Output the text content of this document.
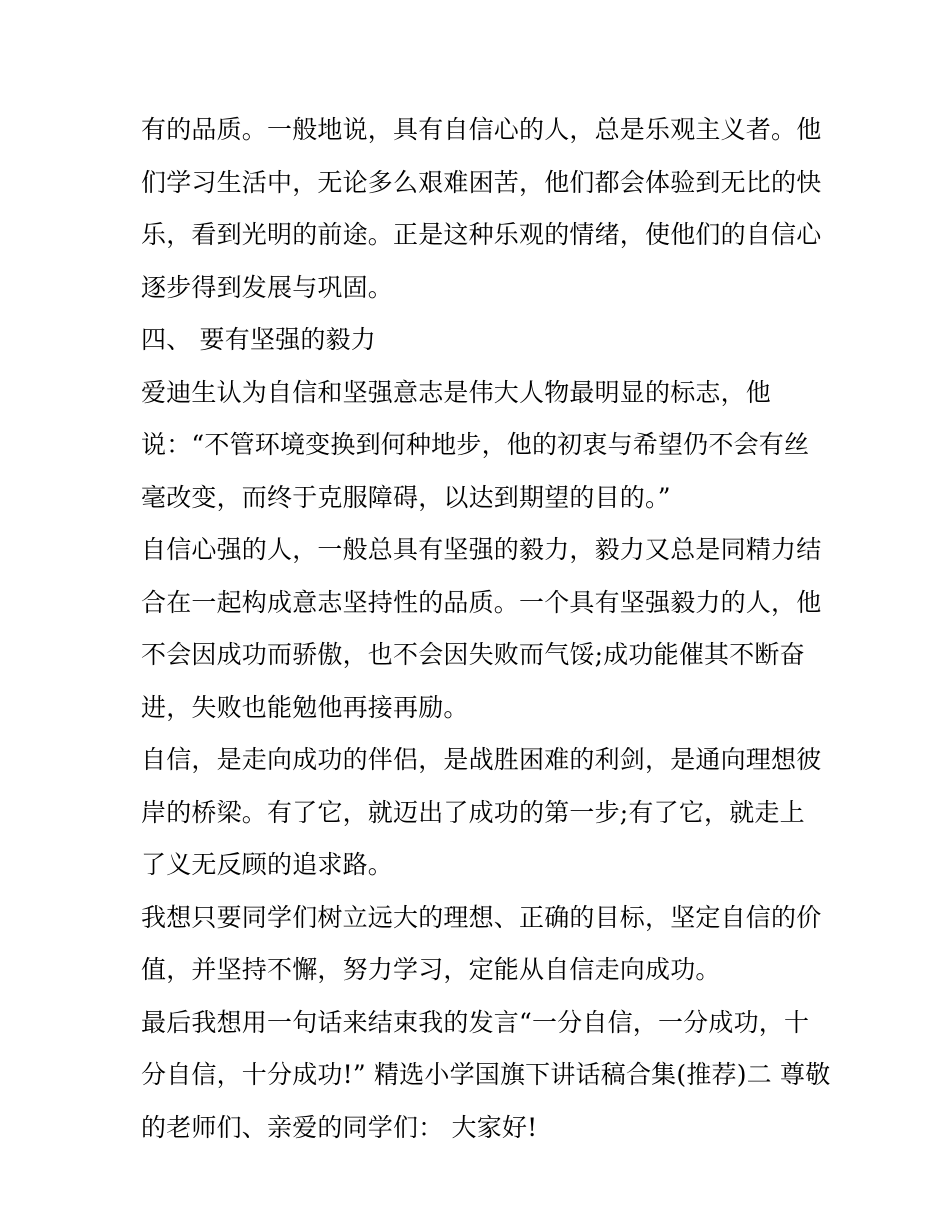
有的品质。一般地说，具有自信心的人，总是乐观主义者。他
们学习生活中，无论多么艰难困苦，他们都会体验到无比的快
乐，看到光明的前途。正是这种乐观的情绪，使他们的自信心
逐步得到发展与巩固。
四、 要有坚强的毅力
爱迪生认为自信和坚强意志是伟大人物最明显的标志，他
说：“不管环境变换到何种地步，他的初衷与希望仍不会有丝
毫改变，而终于克服障碍，以达到期望的目的。”
自信心强的人，一般总具有坚强的毅力，毅力又总是同精力结
合在一起构成意志坚持性的品质。一个具有坚强毅力的人，他
不会因成功而骄傲，也不会因失败而气馁;成功能催其不断奋
进，失败也能勉他再接再励。
自信，是走向成功的伴侣，是战胜困难的利剑，是通向理想彼
岸的桥梁。有了它，就迈出了成功的第一步;有了它，就走上
了义无反顾的追求路。
我想只要同学们树立远大的理想、正确的目标，坚定自信的价
值，并坚持不懈，努力学习，定能从自信走向成功。
最后我想用一句话来结束我的发言“一分自信，一分成功，十
分自信，十分成功!” 精选小学国旗下讲话稿合集(推荐)二 尊敬
的老师们、亲爱的同学们： 大家好!
